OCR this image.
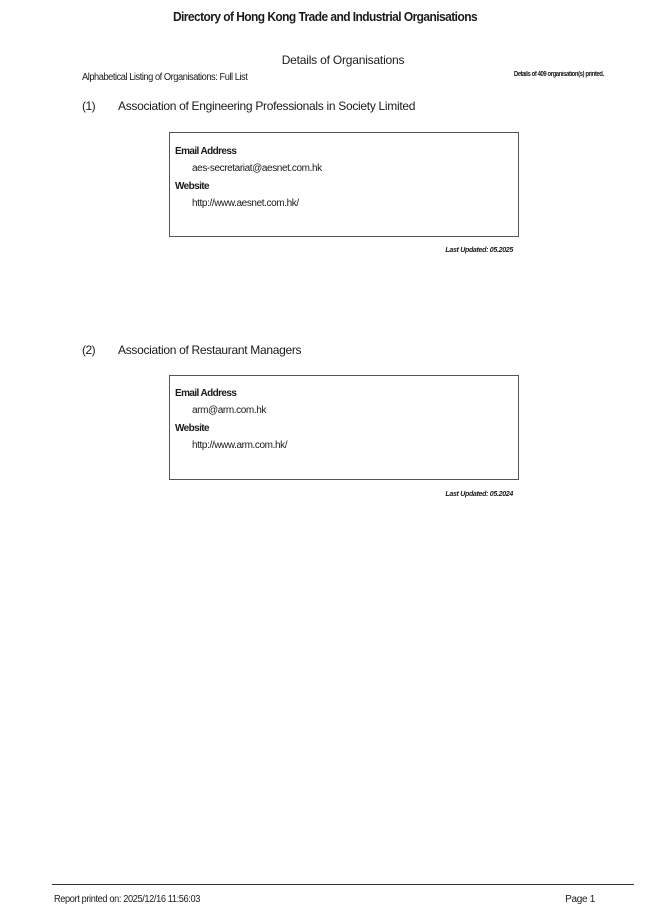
Directory of Hong Kong Trade and Industrial Organisations
Details of Organisations
Alphabetical Listing of Organisations: Full List	Details of 409 organisation(s) printed.
(1) Association of Engineering Professionals in Society Limited
Email Address
aes-secretariat@aesnet.com.hk
Website
http://www.aesnet.com.hk/
Last Updated: 05.2025
(2) Association of Restaurant Managers
Email Address
arm@arm.com.hk
Website
http://www.arm.com.hk/
Last Updated: 05.2024
Report printed on: 2025/12/16 11:56:03	Page 1
